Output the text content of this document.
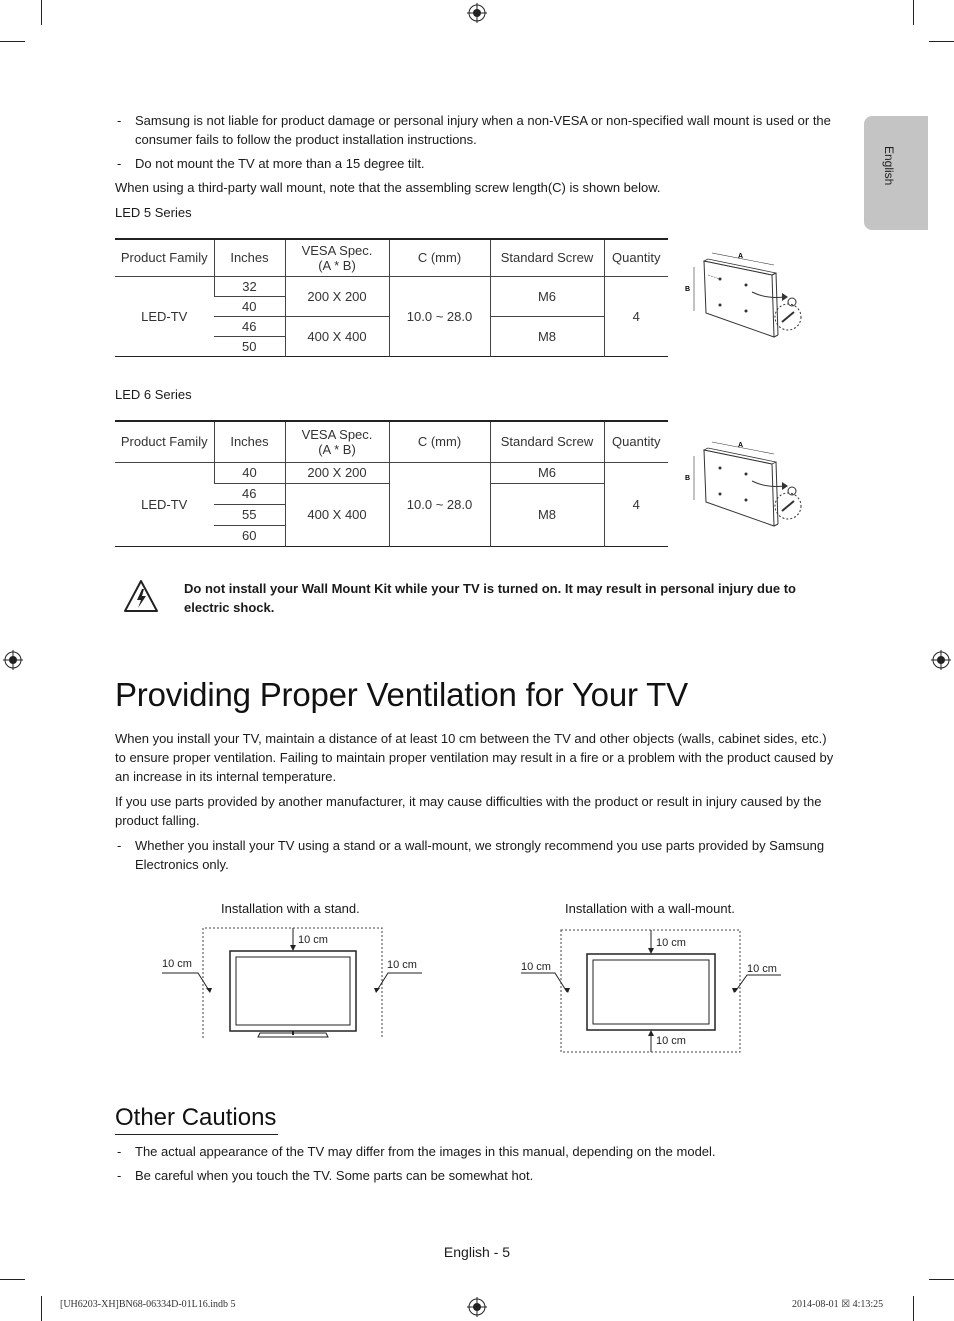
English
- Samsung is not liable for product damage or personal injury when a non-VESA or non-specified wall mount is used or the consumer fails to follow the product installation instructions.
- Do not mount the TV at more than a 15 degree tilt.
When using a third-party wall mount, note that the assembling screw length(C) is shown below.
LED 5 Series
Product Family	Inches	VESA Spec.
(A * B)	C (mm)	Standard Screw	Quantity
LED-TV	32	200 X 200	10.0 ~ 28.0	M6	4
	40				
	46	400 X 400		M8	
	50				
A
B
LED 6 Series
Product Family	Inches	VESA Spec.
(A * B)	C (mm)	Standard Screw	Quantity
LED-TV	40	200 X 200	10.0 ~ 28.0	M6	4
	46	400 X 400		M8	
	55				
	60				
A
B
Do not install your Wall Mount Kit while your TV is turned on. It may result in personal injury due to electric shock.
Providing Proper Ventilation for Your TV
When you install your TV, maintain a distance of at least 10 cm between the TV and other objects (walls, cabinet sides, etc.) to ensure proper ventilation. Failing to maintain proper ventilation may result in a fire or a problem with the product caused by an increase in its internal temperature.
If you use parts provided by another manufacturer, it may cause difficulties with the product or result in injury caused by the product falling.
- Whether you install your TV using a stand or a wall-mount, we strongly recommend you use parts provided by Samsung Electronics only.
Installation with a stand.	Installation with a wall-mount.
10 cm
10 cm	10 cm
10 cm
10 cm
10 cm	10 cm
Other Cautions
- The actual appearance of the TV may differ from the images in this manual, depending on the model.
- Be careful when you touch the TV. Some parts can be somewhat hot.
English - 5
[UH6203-XH]BN68-06334D-01L16.indb 5	2014-08-01 ☒ 4:13:25
